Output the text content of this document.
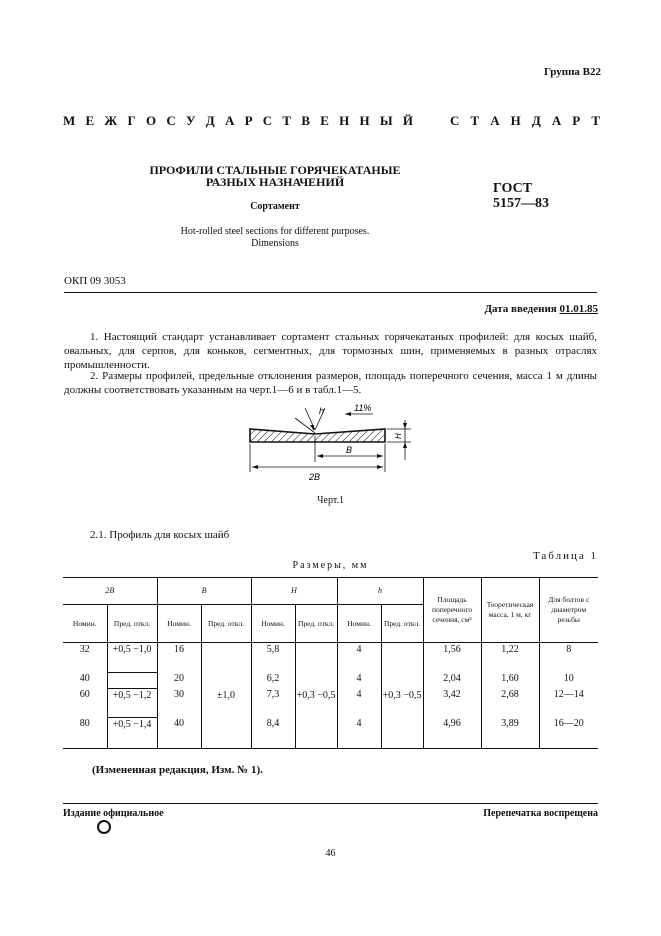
Группа В22
М Е Ж Г О С У Д А Р С Т В Е Н Н Ы Й	С Т А Н Д А Р Т
ПРОФИЛИ СТАЛЬНЫЕ ГОРЯЧЕКАТАНЫЕ
РАЗНЫХ НАЗНАЧЕНИЙ	ГОСТ
5157—83
Сортамент
Hot-rolled steel sections for different purposes.
Dimensions
ОКП 09 3053
Дата введения 01.01.85

1. Настоящий стандарт устанавливает сортамент стальных горячекатаных профилей: для косых шайб, овальных, для серпов, для коньков, сегментных, для тормозных шин, применяемых в разных отраслях промышленности.

2. Размеры профилей, предельные отклонения размеров, площадь поперечного сечения, масса 1 м длины должны соответствовать указанным на черт.1—6 и в табл.1—5.

h	11%
H
B
2B
Черт.1
2.1. Профиль для косых шайб
Таблица 1
Размеры, мм
2B		B		H		h		Площадь поперечного сечения, см²	Теоретическая масса, 1 м, кг	Для болтов с диаметром резьбы
Номин.	Пред. откл.	Номин.	Пред. откл.	Номин.	Пред. откл.	Номин.	Пред. откл.			
32	+0,5 −1,0	16	±1,0	5,8	+0,3 −0,5	4	+0,3 −0,5	1,56	1,22	8
40		20		6,2		4		2,04	1,60	10
60	+0,5 −1,2	30		7,3		4		3,42	2,68	12—14
80	+0,5 −1,4	40		8,4		4		4,96	3,89	16—20
(Измененная редакция, Изм. № 1).
Издание официальное	Перепечатка воспрещена
46
